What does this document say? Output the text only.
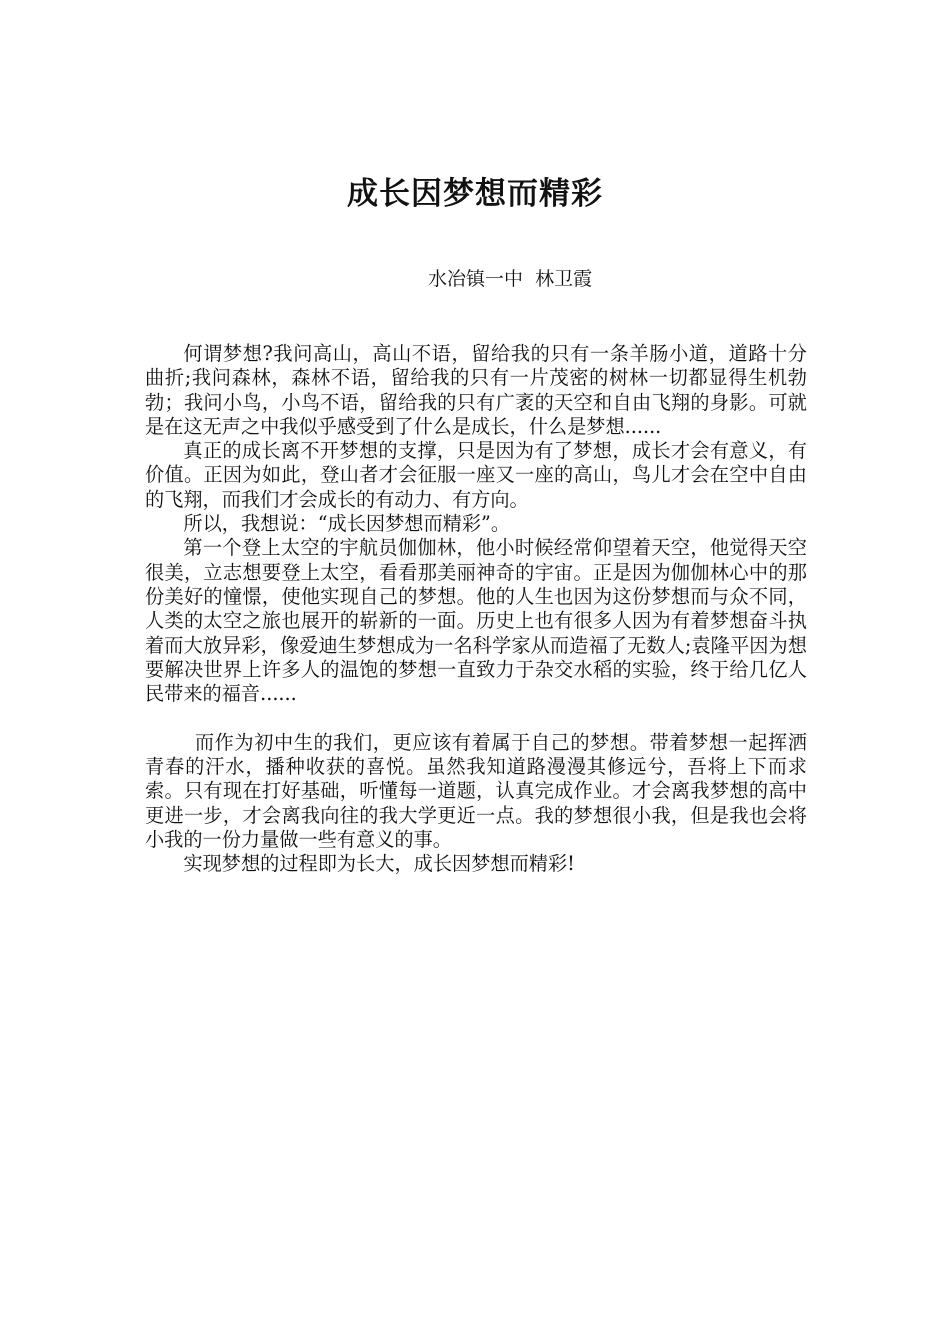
成长因梦想而精彩

水冶镇一中  林卫霞

何谓梦想?我问高山，高山不语，留给我的只有一条羊肠小道，道路十分曲折;我问森林，森林不语，留给我的只有一片茂密的树林一切都显得生机勃勃；我问小鸟，小鸟不语，留给我的只有广袤的天空和自由飞翔的身影。可就是在这无声之中我似乎感受到了什么是成长，什么是梦想......

真正的成长离不开梦想的支撑，只是因为有了梦想，成长才会有意义，有价值。正因为如此，登山者才会征服一座又一座的高山，鸟儿才会在空中自由的飞翔，而我们才会成长的有动力、有方向。

所以，我想说：“成长因梦想而精彩”。

第一个登上太空的宇航员伽伽林，他小时候经常仰望着天空，他觉得天空很美，立志想要登上太空，看看那美丽神奇的宇宙。正是因为伽伽林心中的那份美好的憧憬，使他实现自己的梦想。他的人生也因为这份梦想而与众不同，人类的太空之旅也展开的崭新的一面。历史上也有很多人因为有着梦想奋斗执着而大放异彩，像爱迪生梦想成为一名科学家从而造福了无数人;袁隆平因为想要解决世界上许多人的温饱的梦想一直致力于杂交水稻的实验，终于给几亿人民带来的福音......

而作为初中生的我们，更应该有着属于自己的梦想。带着梦想一起挥洒青春的汗水，播种收获的喜悦。虽然我知道路漫漫其修远兮，吾将上下而求索。只有现在打好基础，听懂每一道题，认真完成作业。才会离我梦想的高中更进一步，才会离我向往的我大学更近一点。我的梦想很小我，但是我也会将小我的一份力量做一些有意义的事。

实现梦想的过程即为长大，成长因梦想而精彩!
